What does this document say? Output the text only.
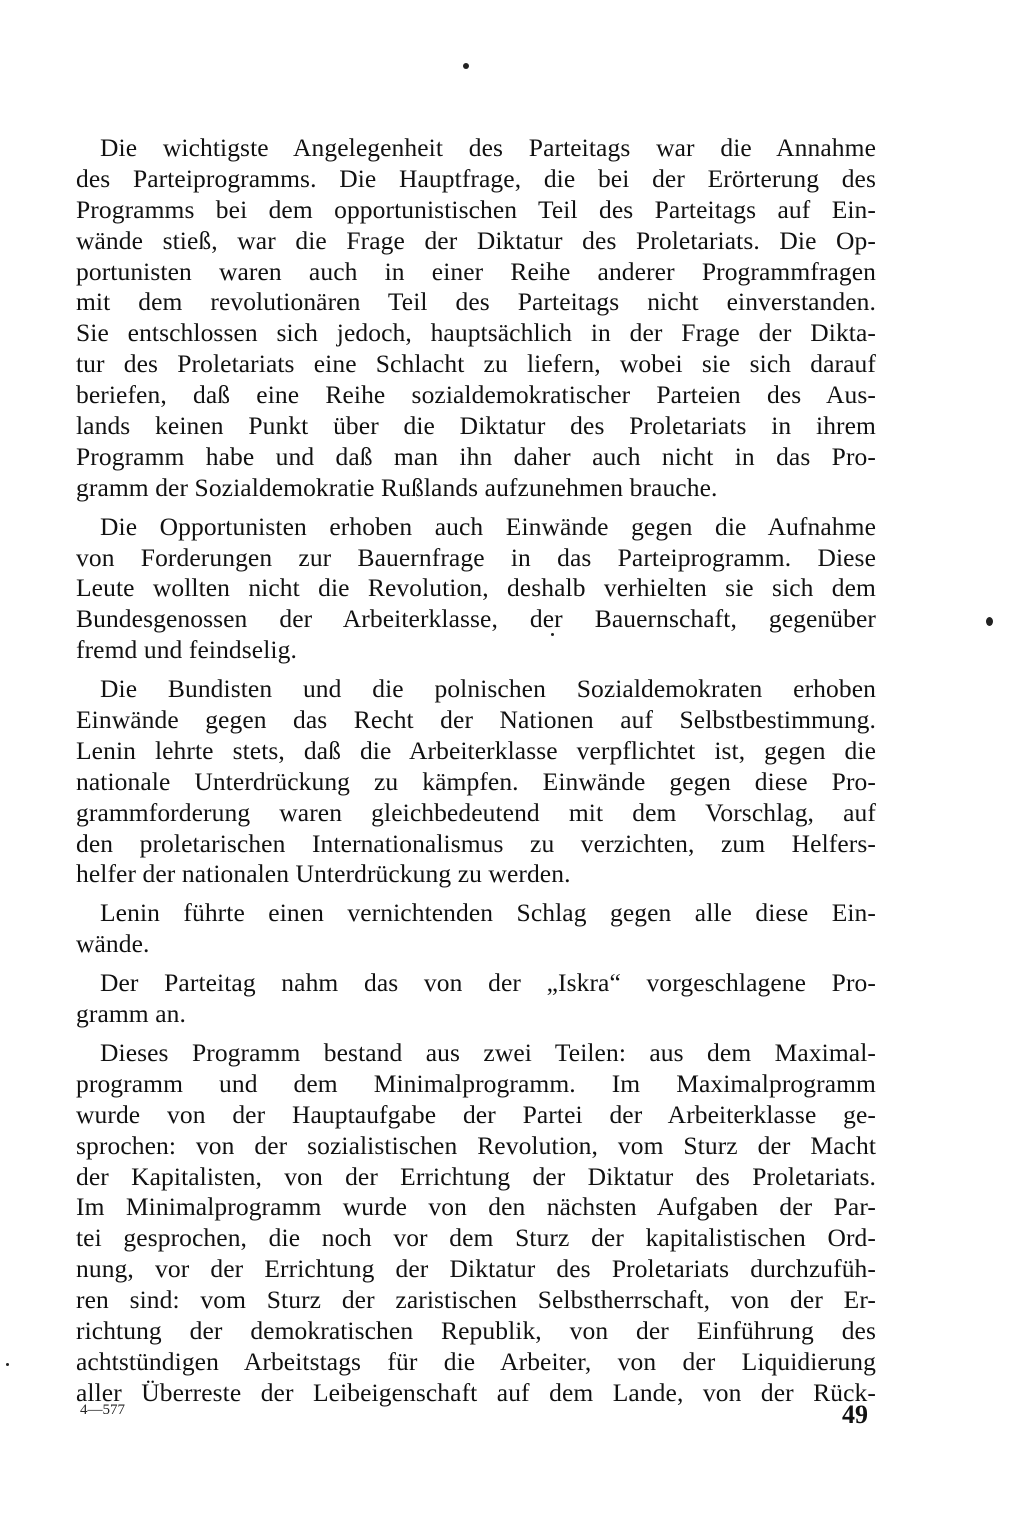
Die wichtigste Angelegenheit des Parteitags war die Annahme
des Parteiprogramms. Die Hauptfrage, die bei der Erörterung des
Programms bei dem opportunistischen Teil des Parteitags auf Ein-
wände stieß, war die Frage der Diktatur des Proletariats. Die Op-
portunisten waren auch in einer Reihe anderer Programmfragen
mit dem revolutionären Teil des Parteitags nicht einverstanden.
Sie entschlossen sich jedoch, hauptsächlich in der Frage der Dikta-
tur des Proletariats eine Schlacht zu liefern, wobei sie sich darauf
beriefen, daß eine Reihe sozialdemokratischer Parteien des Aus-
lands keinen Punkt über die Diktatur des Proletariats in ihrem
Programm habe und daß man ihn daher auch nicht in das Pro-
gramm der Sozialdemokratie Rußlands aufzunehmen brauche.
Die Opportunisten erhoben auch Einwände gegen die Aufnahme
von Forderungen zur Bauernfrage in das Parteiprogramm. Diese
Leute wollten nicht die Revolution, deshalb verhielten sie sich dem
Bundesgenossen der Arbeiterklasse, der Bauernschaft, gegenüber
fremd und feindselig.
Die Bundisten und die polnischen Sozialdemokraten erhoben
Einwände gegen das Recht der Nationen auf Selbstbestimmung.
Lenin lehrte stets, daß die Arbeiterklasse verpflichtet ist, gegen die
nationale Unterdrückung zu kämpfen. Einwände gegen diese Pro-
grammforderung waren gleichbedeutend mit dem Vorschlag, auf
den proletarischen Internationalismus zu verzichten, zum Helfers-
helfer der nationalen Unterdrückung zu werden.
Lenin führte einen vernichtenden Schlag gegen alle diese Ein-
wände.
Der Parteitag nahm das von der „Iskra“ vorgeschlagene Pro-
gramm an.
Dieses Programm bestand aus zwei Teilen: aus dem Maximal-
programm und dem Minimalprogramm. Im Maximalprogramm
wurde von der Hauptaufgabe der Partei der Arbeiterklasse ge-
sprochen: von der sozialistischen Revolution, vom Sturz der Macht
der Kapitalisten, von der Errichtung der Diktatur des Proletariats.
Im Minimalprogramm wurde von den nächsten Aufgaben der Par-
tei gesprochen, die noch vor dem Sturz der kapitalistischen Ord-
nung, vor der Errichtung der Diktatur des Proletariats durchzufüh-
ren sind: vom Sturz der zaristischen Selbstherrschaft, von der Er-
richtung der demokratischen Republik, von der Einführung des
achtstündigen Arbeitstags für die Arbeiter, von der Liquidierung
aller Überreste der Leibeigenschaft auf dem Lande, von der Rück-
4—577	49
